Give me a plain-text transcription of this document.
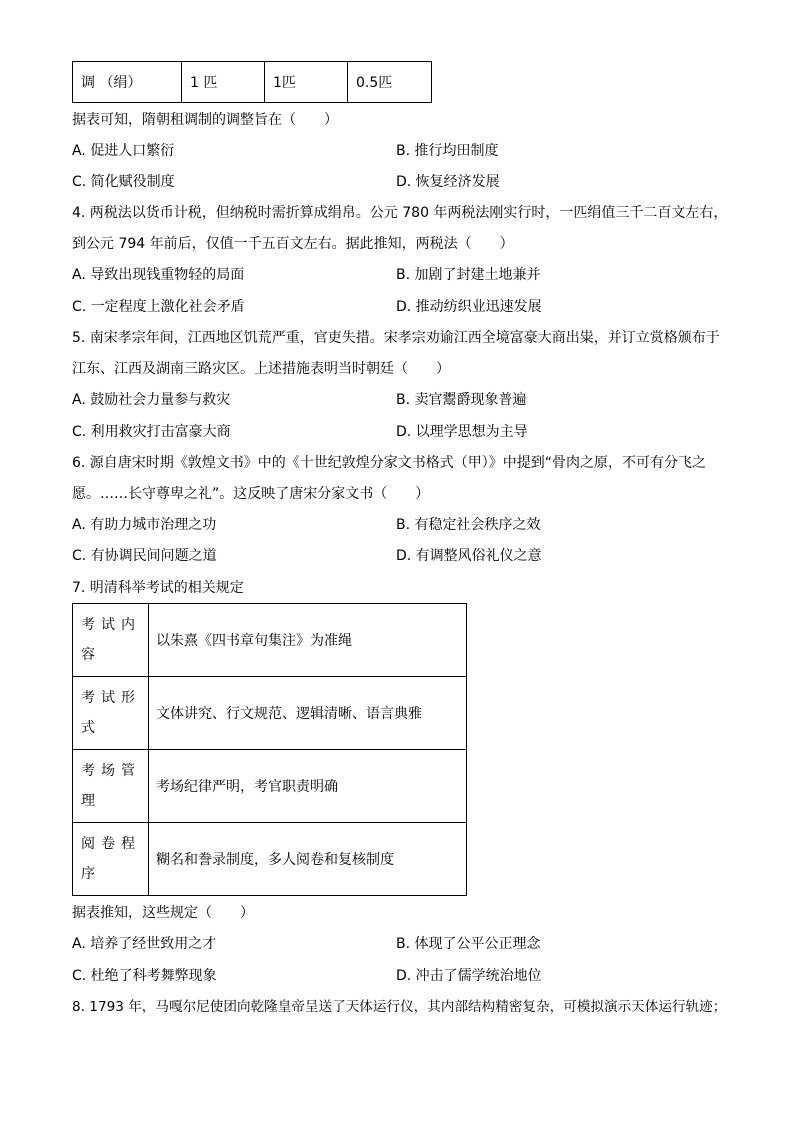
调 （绢）	1 匹	1匹	0.5匹
据表可知，隋朝租调制的调整旨在（　　）
A. 促进人口繁衍	B. 推行均田制度
C. 简化赋役制度	D. 恢复经济发展
4. 两税法以货币计税，但纳税时需折算成绢帛。公元 780 年两税法刚实行时，一匹绢值三千二百文左右，
到公元 794 年前后，仅值一千五百文左右。据此推知，两税法（　　）
A. 导致出现钱重物轻的局面	B. 加剧了封建土地兼并
C. 一定程度上激化社会矛盾	D. 推动纺织业迅速发展
5. 南宋孝宗年间，江西地区饥荒严重，官吏失措。宋孝宗劝谕江西全境富豪大商出粜，并订立赏格颁布于
江东、江西及湖南三路灾区。上述措施表明当时朝廷（　　）
A. 鼓励社会力量参与救灾	B. 卖官鬻爵现象普遍
C. 利用救灾打击富豪大商	D. 以理学思想为主导
6. 源自唐宋时期《敦煌文书》中的《十世纪敦煌分家文书格式（甲）》中提到“骨肉之原，不可有分飞之
愿。……长守尊卑之礼”。这反映了唐宋分家文书（　　）
A. 有助力城市治理之功	B. 有稳定社会秩序之效
C. 有协调民间问题之道	D. 有调整风俗礼仪之意
7. 明清科举考试的相关规定
考试内容	以朱熹《四书章句集注》为准绳
考试形式	文体讲究、行文规范、逻辑清晰、语言典雅
考场管理	考场纪律严明，考官职责明确
阅卷程序	糊名和誊录制度，多人阅卷和复核制度
据表推知，这些规定（　　）
A. 培养了经世致用之才	B. 体现了公平公正理念
C. 杜绝了科考舞弊现象	D. 冲击了儒学统治地位
8. 1793 年，马嘎尔尼使团向乾隆皇帝呈送了天体运行仪，其内部结构精密复杂，可模拟演示天体运行轨迹；
